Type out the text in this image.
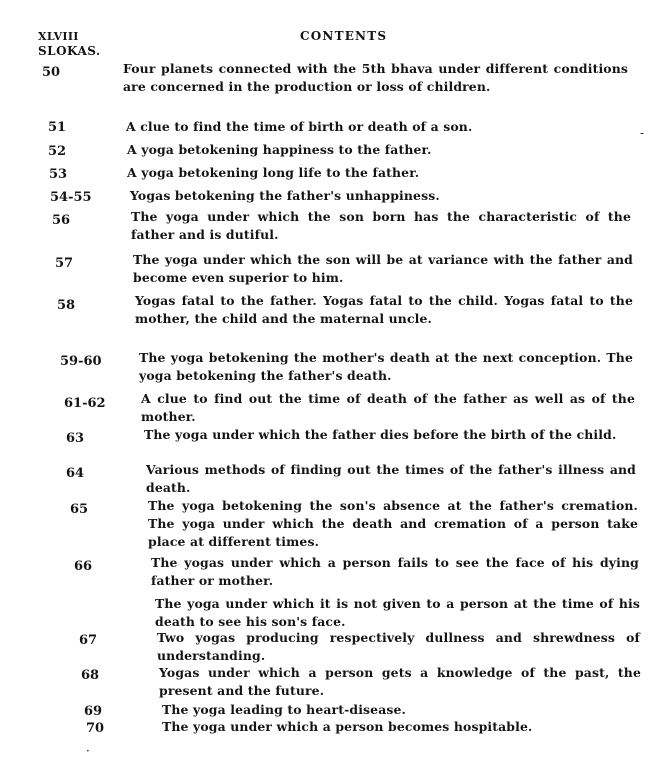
XLVIII	CONTENTS
SLOKAS.
50	Four planets connected with the 5th bhava under different conditions are concerned in the production or loss of children.
51	A clue to find the time of birth or death of a son.
52	A yoga betokening happiness to the father.
53	A yoga betokening long life to the father.
54-55	Yogas betokening the father's unhappiness.
56	The yoga under which the son born has the characteristic of the father and is dutiful.
57	The yoga under which the son will be at variance with the father and become even superior to him.
58	Yogas fatal to the father. Yogas fatal to the child. Yogas fatal to the mother, the child and the maternal uncle.
59-60	The yoga betokening the mother's death at the next conception. The yoga betokening the father's death.
61-62	A clue to find out the time of death of the father as well as of the mother.
63	The yoga under which the father dies before the birth of the child.
64	Various methods of finding out the times of the father's illness and death.
65	The yoga betokening the son's absence at the father's cremation. The yoga under which the death and cremation of a person take place at different times.
66	The yogas under which a person fails to see the face of his dying father or mother.
The yoga under which it is not given to a person at the time of his death to see his son's face.
67	Two yogas producing respectively dullness and shrewdness of understanding.
68	Yogas under which a person gets a knowledge of the past, the present and the future.
69	The yoga leading to heart-disease.
70	The yoga under which a person becomes hospitable.
-
·
